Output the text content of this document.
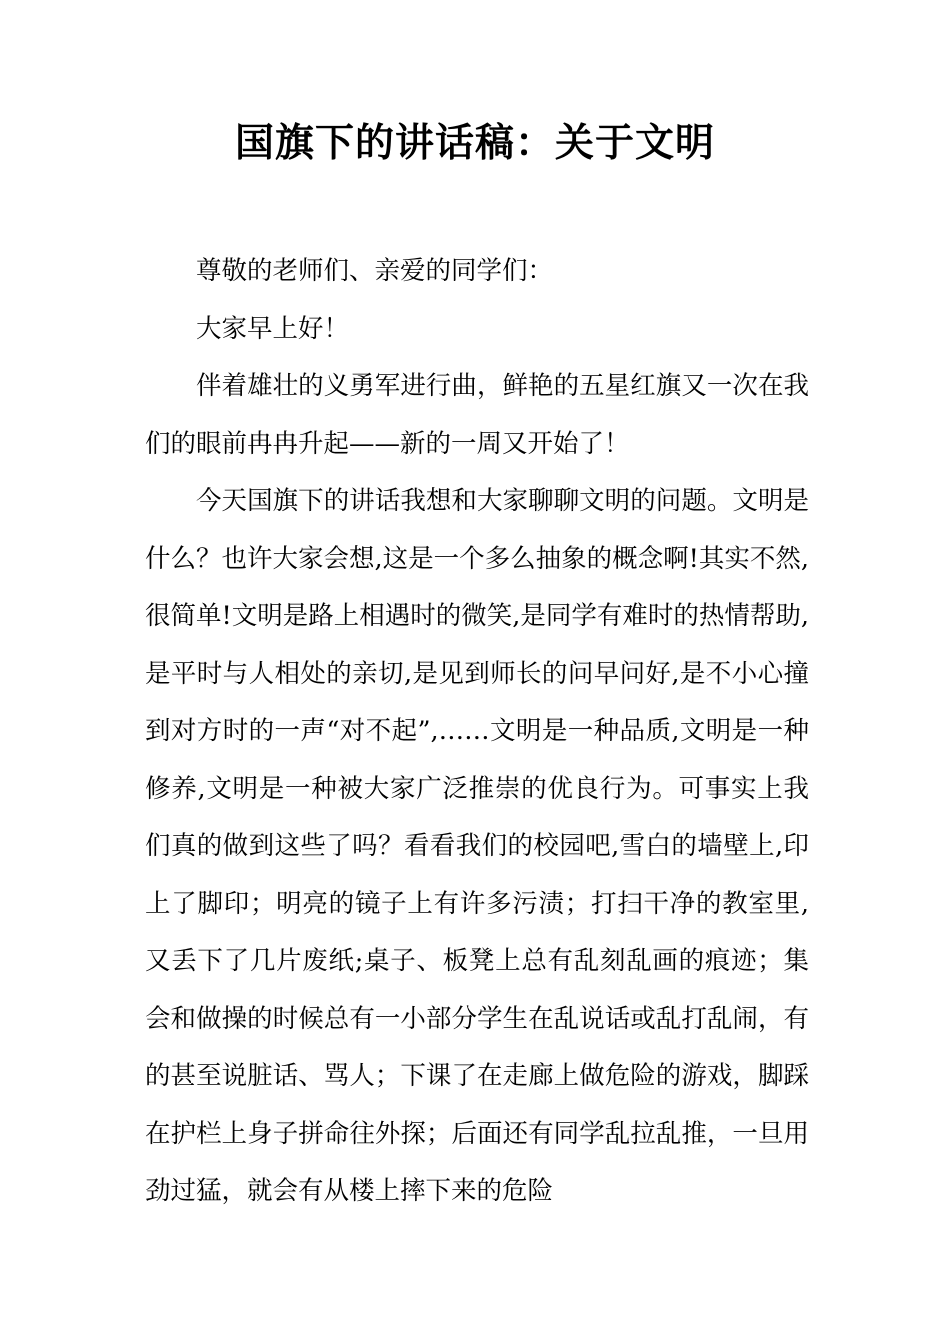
国旗下的讲话稿：关于文明

尊敬的老师们、亲爱的同学们：

大家早上好！

伴着雄壮的义勇军进行曲，鲜艳的五星红旗又一次在我们的眼前冉冉升起——新的一周又开始了！

今天国旗下的讲话我想和大家聊聊文明的问题。文明是什么？也许大家会想,这是一个多么抽象的概念啊!其实不然,很简单!文明是路上相遇时的微笑,是同学有难时的热情帮助,是平时与人相处的亲切,是见到师长的问早问好,是不小心撞到对方时的一声“对不起”,……文明是一种品质,文明是一种修养,文明是一种被大家广泛推崇的优良行为。可事实上我们真的做到这些了吗？看看我们的校园吧,雪白的墙壁上,印上了脚印；明亮的镜子上有许多污渍；打扫干净的教室里,又丢下了几片废纸;桌子、板凳上总有乱刻乱画的痕迹；集会和做操的时候总有一小部分学生在乱说话或乱打乱闹，有的甚至说脏话、骂人；下课了在走廊上做危险的游戏，脚踩在护栏上身子拼命往外探；后面还有同学乱拉乱推，一旦用劲过猛，就会有从楼上摔下来的危险
